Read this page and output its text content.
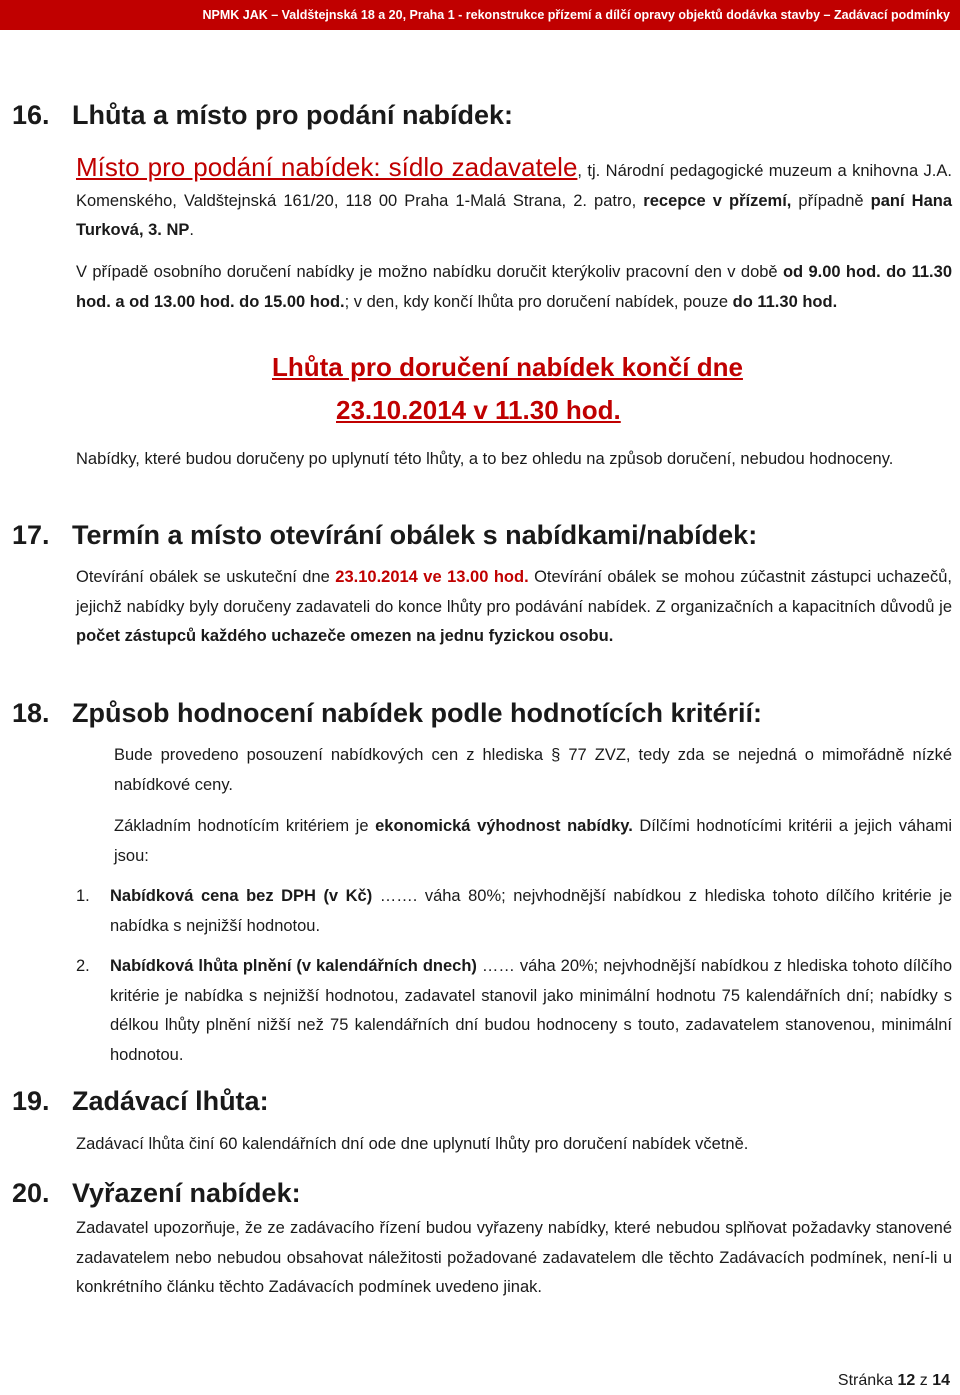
NPMK JAK – Valdštejnská 18 a 20, Praha 1 - rekonstrukce přízemí a dílčí opravy objektů dodávka stavby – Zadávací podmínky
16. Lhůta a místo pro podání nabídek:

Místo pro podání nabídek: sídlo zadavatele, tj. Národní pedagogické muzeum a knihovna J.A. Komenského, Valdštejnská 161/20, 118 00 Praha 1-Malá Strana, 2. patro, recepce v přízemí, případně paní Hana Turková, 3. NP.

V případě osobního doručení nabídky je možno nabídku doručit kterýkoliv pracovní den v době od 9.00 hod. do 11.30 hod. a od 13.00 hod. do 15.00 hod.; v den, kdy končí lhůta pro doručení nabídek, pouze do 11.30 hod.

Lhůta pro doručení nabídek končí dne
23.10.2014 v 11.30 hod.

Nabídky, které budou doručeny po uplynutí této lhůty, a to bez ohledu na způsob doručení, nebudou hodnoceny.

17. Termín a místo otevírání obálek s nabídkami/nabídek:

Otevírání obálek se uskuteční dne 23.10.2014 ve 13.00 hod. Otevírání obálek se mohou zúčastnit zástupci uchazečů, jejichž nabídky byly doručeny zadavateli do konce lhůty pro podávání nabídek. Z organizačních a kapacitních důvodů je počet zástupců každého uchazeče omezen na jednu fyzickou osobu.

18. Způsob hodnocení nabídek podle hodnotících kritérií:

Bude provedeno posouzení nabídkových cen z hlediska § 77 ZVZ, tedy zda se nejedná o mimořádně nízké nabídkové ceny.

Základním hodnotícím kritériem je ekonomická výhodnost nabídky. Dílčími hodnotícími kritérii a jejich váhami jsou:

1. Nabídková cena bez DPH (v Kč) ……. váha 80%; nejvhodnější nabídkou z hlediska tohoto dílčího kritérie je nabídka s nejnižší hodnotou.

2. Nabídková lhůta plnění (v kalendářních dnech) …… váha 20%; nejvhodnější nabídkou z hlediska tohoto dílčího kritérie je nabídka s nejnižší hodnotou, zadavatel stanovil jako minimální hodnotu 75 kalendářních dní; nabídky s délkou lhůty plnění nižší než 75 kalendářních dní budou hodnoceny s touto, zadavatelem stanovenou, minimální hodnotou.

19. Zadávací lhůta:

Zadávací lhůta činí 60 kalendářních dní ode dne uplynutí lhůty pro doručení nabídek včetně.

20. Vyřazení nabídek:

Zadavatel upozorňuje, že ze zadávacího řízení budou vyřazeny nabídky, které nebudou splňovat požadavky stanovené zadavatelem nebo nebudou obsahovat náležitosti požadované zadavatelem dle těchto Zadávacích podmínek, není-li u konkrétního článku těchto Zadávacích podmínek uvedeno jinak.

Stránka 12 z 14
